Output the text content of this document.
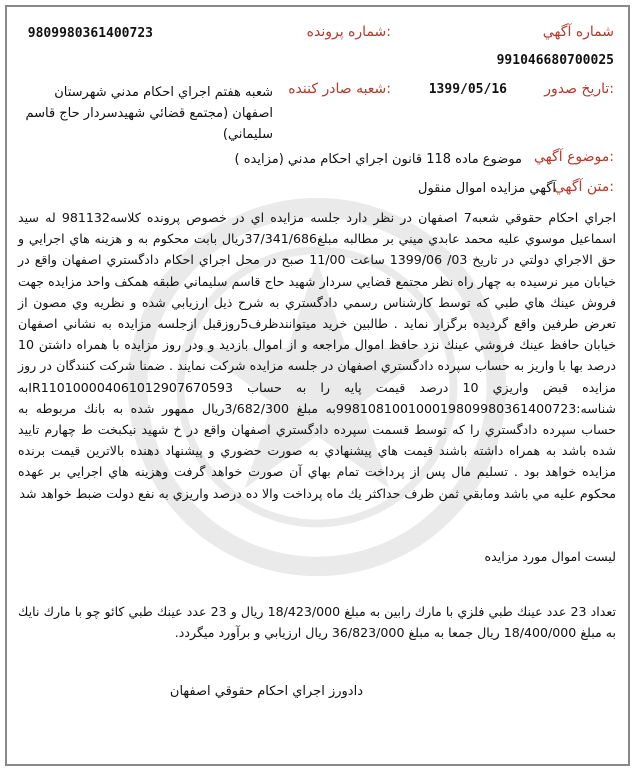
شماره آگهي
991046680700025
:شماره پرونده
9809980361400723
:تاريخ صدور
1399/05/16
:شعبه صادر کننده
شعبه هفتم اجراي احكام مدني شهرستان اصفهان (مجتمع قضائي شهيدسردار حاج قاسم سليماني)
:موضوع آگهي
موضوع ماده 118 قانون اجراي احكام مدني (مزايده )
:متن آگهي
آگهي مزايده اموال منقول

اجراي احكام حقوقي شعبه7 اصفهان در نظر دارد جلسه مزايده اي در خصوص پرونده كلاسه981132 له سيد اسماعيل موسوي عليه محمد عابدي ميني بر مطالبه مبلغ37/341/686ريال بابت محكوم به و هزينه هاي اجرايي و حق الاجراي دولتي در تاريخ 03/ 1399/06 ساعت 11/00 صبح در محل اجراي احكام دادگستري اصفهان واقع در خيابان مير نرسيده به چهار راه نظر مجتمع قضايي سردار شهيد حاج قاسم سليماني طبقه همكف واحد مزايده جهت فروش عينك هاي طبي كه توسط كارشناس رسمي دادگستري به شرح ذيل ارزيابي شده و نظريه وي مصون از تعرض طرفين واقع گرديده برگزار نمايد . طالبين خريد ميتوانندظرف5روزقبل ازجلسه مزايده به نشاني اصفهان خيابان حافظ عينك فروشي عينك نزد حافظ اموال مراجعه و از اموال بازديد و ودر روز مزايده با همراه داشتن 10 درصد بها با واريز به حساب سپرده دادگستري اصفهان در جلسه مزايده شركت نمايند . ضمنا شركت كنندگان در روز مزايده قبض واريزي 10 درصد قيمت پايه را به حساب IR110100004061012907670593به شناسه:998108100100019809980361400723به مبلغ 3/682/300ريال ممهور شده به بانك مربوطه به حساب سپرده دادگستري را كه توسط قسمت سپرده دادگستري اصفهان واقع در خ شهيد نيكبخت ط چهارم تاييد شده باشد به همراه داشته باشند قيمت هاي پيشنهادي به صورت حضوري و پيشنهاد دهنده بالاترين قيمت برنده مزايده خواهد بود . تسليم مال پس از پرداخت تمام بهاي آن صورت خواهد گرفت وهزينه هاي اجرايي بر عهده محكوم عليه مي باشد ومابقي ثمن ظرف حداكثر يك ماه پرداخت والا ده درصد واريزي به نفع دولت ضبط خواهد شد

ليست اموال مورد مزايده

تعداد 23 عدد عينك طبي فلزي با مارك رابين به مبلغ 18/423/000 ريال و 23 عدد عينك طبي كائو چو با مارك نايك به مبلغ 18/400/000 ريال جمعا به مبلغ 36/823/000 ريال ارزيابي و برآورد ميگردد.

دادورز اجراي احكام حقوقي اصفهان
